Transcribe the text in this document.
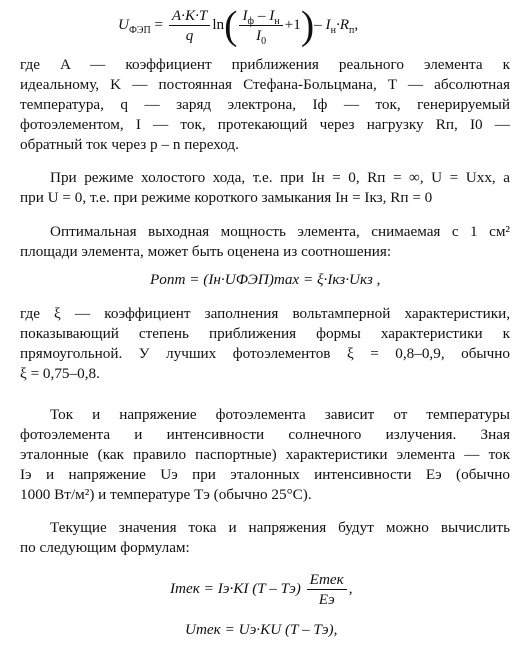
$U_{ФЭП} = \frac{A\cdot K\cdot T}{q} \ln( \frac{I_ф - I_н}{I_0} +1)-$ $I_н\cdot R_п$,
где A — коэффициент приближения реального элемента к
идеальному, K — постоянная Стефана-Больцмана, T — абсолютная
температура, q — заряд электрона, Iф — ток, генерируемый
фотоэлементом, I — ток, протекающий через нагрузку Rп, I0 —
обратный ток через p – n переход.
При режиме холостого хода, т.е. при Iн = 0, Rп = ∞, U = Uхх, а
при U = 0, т.е. при режиме короткого замыкания Iн = Iкз, Rп = 0
Оптимальная выходная мощность элемента, снимаемая с 1 см²
площади элемента, может быть оценена из соотношения:
Pопт = (Iн·UФЭП)max = ξ·Iкз·Uкз ,
где ξ — коэффициент заполнения вольтамперной характеристики,
показывающий степень приближения формы характеристики к
прямоугольной. У лучших фотоэлементов ξ = 0,8–0,9, обычно
ξ = 0,75–0,8.
Ток и напряжение фотоэлемента зависит от температуры
фотоэлемента и интенсивности солнечного излучения. Зная
эталонные (как правило паспортные) характеристики элемента — ток
Iэ и напряжение Uэ при эталонных интенсивности Eэ (обычно
1000 Вт/м²) и температуре Tэ (обычно 25°С).
Текущие значения тока и напряжения будут можно вычислить
по следующим формулам:
Iтек = Iэ·KI $(T - Tэ) \frac{\text{Eтек}}{Eэ}$ ,
Uтек = Uэ·KU (T – Tэ),
